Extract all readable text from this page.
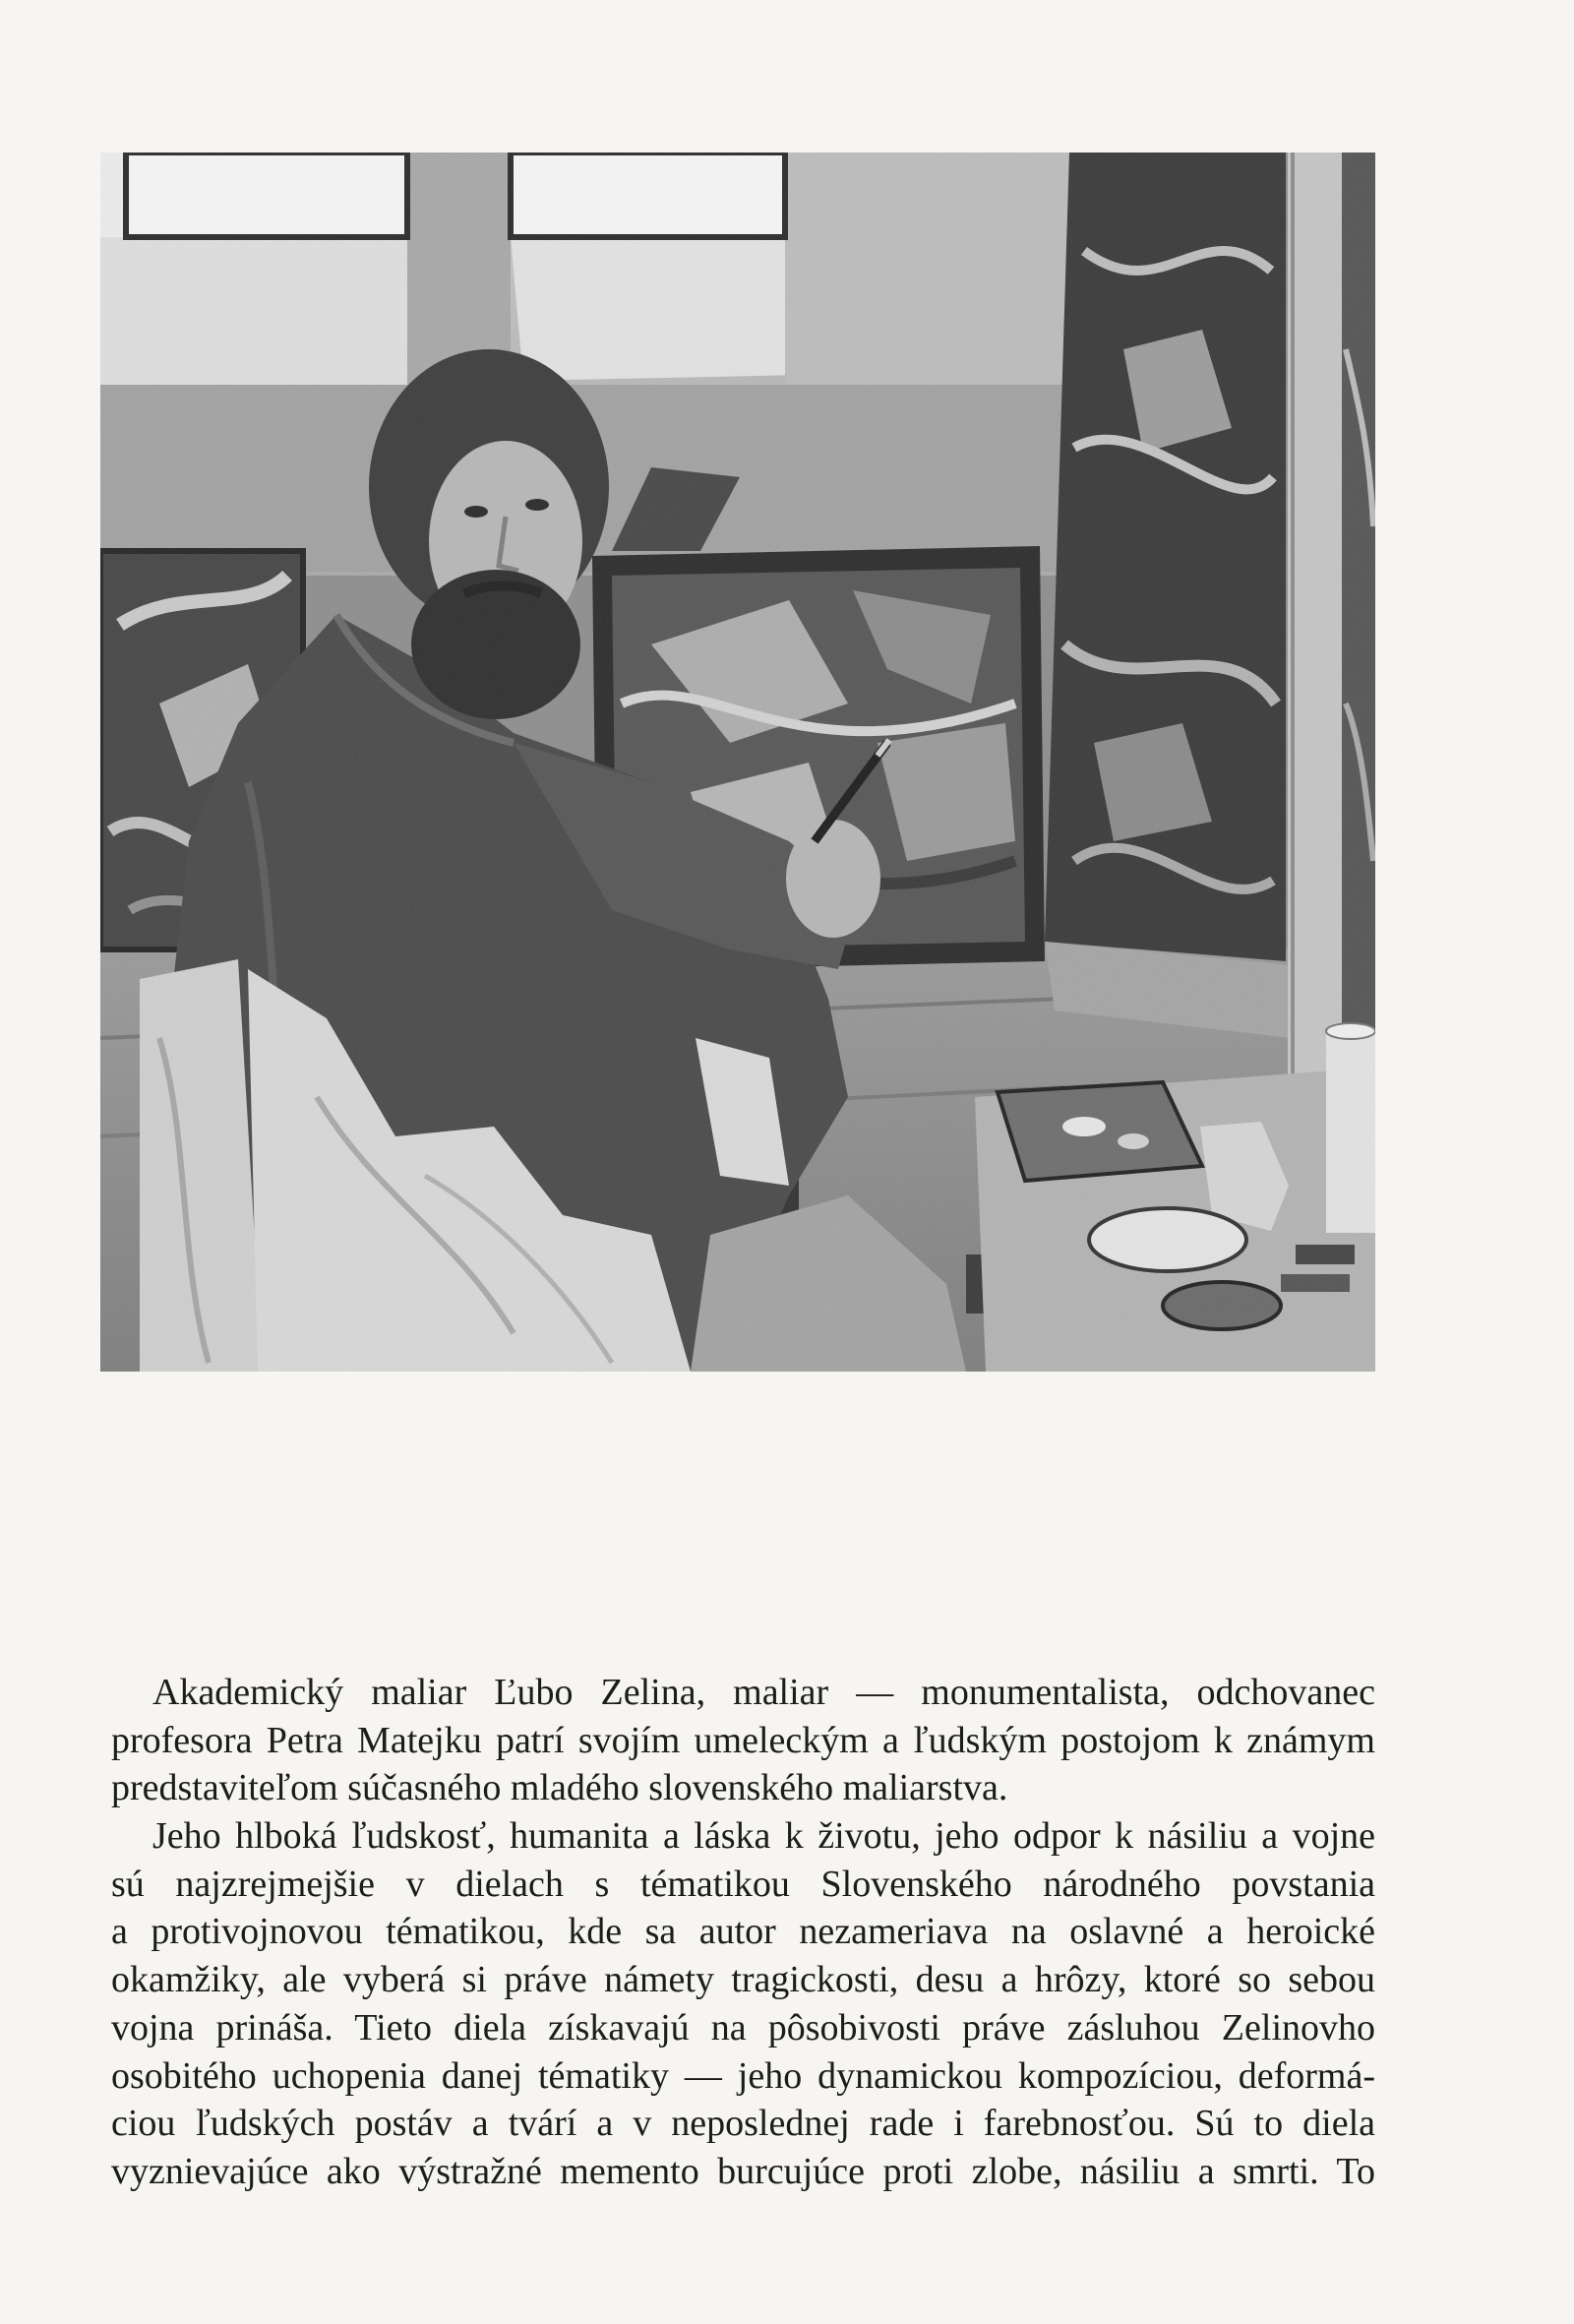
Akademický maliar Ľubo Zelina, maliar — monumentalista, odchovanec
profesora Petra Matejku patrí svojím umeleckým a ľudským postojom k známym
predstaviteľom súčasného mladého slovenského maliarstva.
Jeho hlboká ľudskosť, humanita a láska k životu, jeho odpor k násiliu a vojne
sú najzrejmejšie v dielach s tématikou Slovenského národného povstania
a protivojnovou tématikou, kde sa autor nezameriava na oslavné a heroické
okamžiky, ale vyberá si práve námety tragickosti, desu a hrôzy, ktoré so sebou
vojna prináša. Tieto diela získavajú na pôsobivosti práve zásluhou Zelinovho
osobitého uchopenia danej tématiky — jeho dynamickou kompozíciou, deformá-
ciou ľudských postáv a tvárí a v neposlednej rade i farebnosťou. Sú to diela
vyznievajúce ako výstražné memento burcujúce proti zlobe, násiliu a smrti. To
